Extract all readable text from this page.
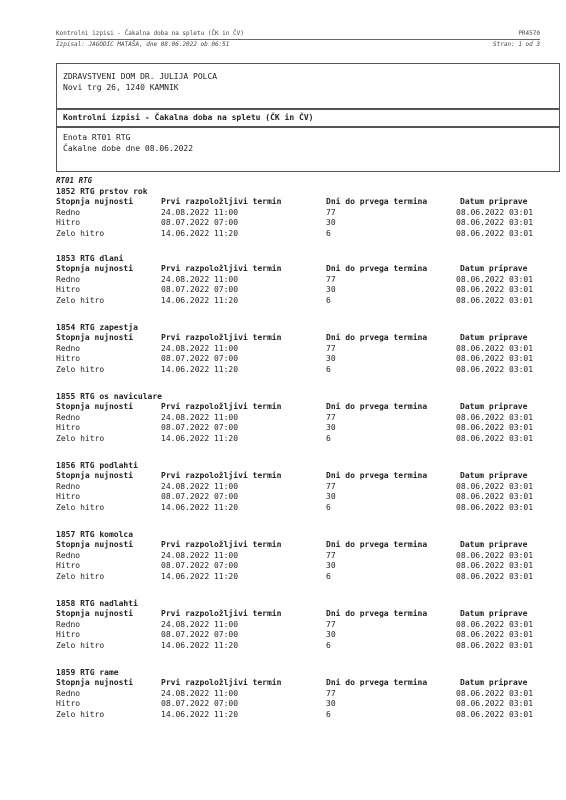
Kontrolni izpisi - Čakalna doba na spletu (ČK in ČV)	PR4570
Izpisal: JAGODIC MATAŠA, dne 08.06.2022 ob 06:51	Stran: 1 od 3
ZDRAVSTVENI DOM DR. JULIJA POLCA
Novi trg 26, 1240 KAMNIK
Kontrolni izpisi - Čakalna doba na spletu (ČK in ČV)
Enota RT01 RTG
Čakalne dobe dne 08.06.2022
RT01 RTG
1852 RTG prstov rok
Stopnja nujnosti	Prvi razpoložljivi termin	Dni do prvega termina	Datum priprave
Redno	24.08.2022 11:00	77	08.06.2022 03:01
Hitro	08.07.2022 07:00	30	08.06.2022 03:01
Zelo hitro	14.06.2022 11:20	6	08.06.2022 03:01
1853 RTG dlani
Stopnja nujnosti	Prvi razpoložljivi termin	Dni do prvega termina	Datum priprave
Redno	24.08.2022 11:00	77	08.06.2022 03:01
Hitro	08.07.2022 07:00	30	08.06.2022 03:01
Zelo hitro	14.06.2022 11:20	6	08.06.2022 03:01
1854 RTG zapestja
Stopnja nujnosti	Prvi razpoložljivi termin	Dni do prvega termina	Datum priprave
Redno	24.08.2022 11:00	77	08.06.2022 03:01
Hitro	08.07.2022 07:00	30	08.06.2022 03:01
Zelo hitro	14.06.2022 11:20	6	08.06.2022 03:01
1855 RTG os naviculare
Stopnja nujnosti	Prvi razpoložljivi termin	Dni do prvega termina	Datum priprave
Redno	24.08.2022 11:00	77	08.06.2022 03:01
Hitro	08.07.2022 07:00	30	08.06.2022 03:01
Zelo hitro	14.06.2022 11:20	6	08.06.2022 03:01
1856 RTG podlahti
Stopnja nujnosti	Prvi razpoložljivi termin	Dni do prvega termina	Datum priprave
Redno	24.08.2022 11:00	77	08.06.2022 03:01
Hitro	08.07.2022 07:00	30	08.06.2022 03:01
Zelo hitro	14.06.2022 11:20	6	08.06.2022 03:01
1857 RTG komolca
Stopnja nujnosti	Prvi razpoložljivi termin	Dni do prvega termina	Datum priprave
Redno	24.08.2022 11:00	77	08.06.2022 03:01
Hitro	08.07.2022 07:00	30	08.06.2022 03:01
Zelo hitro	14.06.2022 11:20	6	08.06.2022 03:01
1858 RTG nadlahti
Stopnja nujnosti	Prvi razpoložljivi termin	Dni do prvega termina	Datum priprave
Redno	24.08.2022 11:00	77	08.06.2022 03:01
Hitro	08.07.2022 07:00	30	08.06.2022 03:01
Zelo hitro	14.06.2022 11:20	6	08.06.2022 03:01
1859 RTG rame
Stopnja nujnosti	Prvi razpoložljivi termin	Dni do prvega termina	Datum priprave
Redno	24.08.2022 11:00	77	08.06.2022 03:01
Hitro	08.07.2022 07:00	30	08.06.2022 03:01
Zelo hitro	14.06.2022 11:20	6	08.06.2022 03:01
